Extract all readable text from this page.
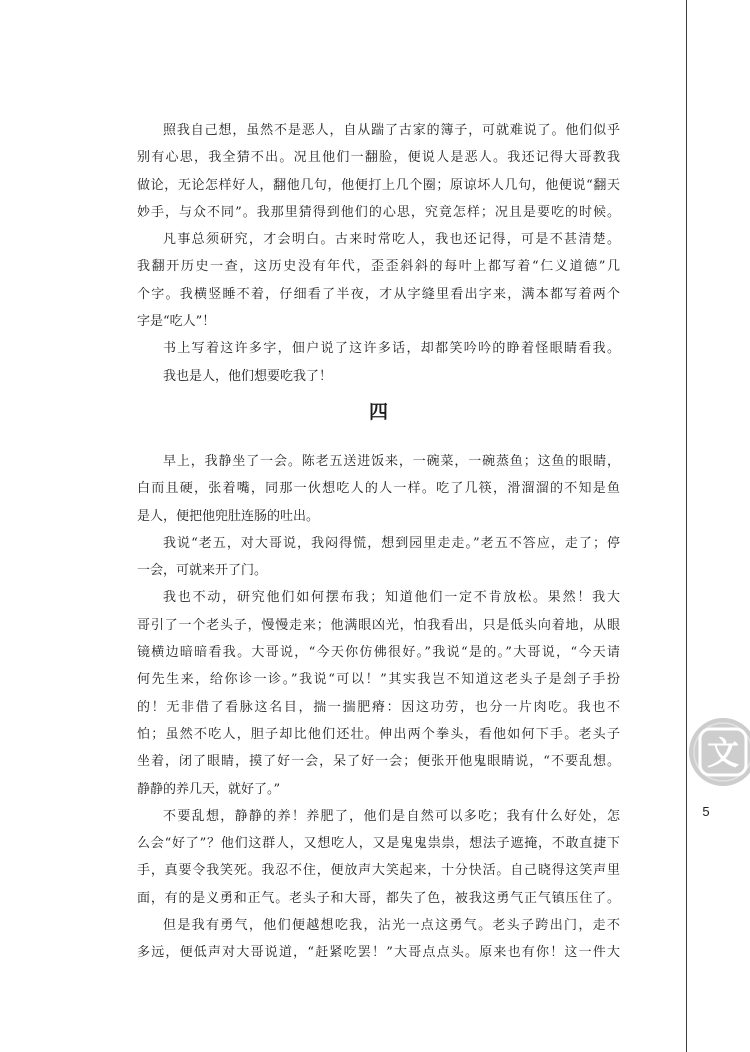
照我自己想，虽然不是恶人，自从踹了古家的簿子，可就难说了。他们似乎
别有心思，我全猜不出。况且他们一翻脸，便说人是恶人。我还记得大哥教我
做论，无论怎样好人，翻他几句，他便打上几个圈；原谅坏人几句，他便说“翻天
妙手，与众不同”。我那里猜得到他们的心思，究竟怎样；况且是要吃的时候。
凡事总须研究，才会明白。古来时常吃人，我也还记得，可是不甚清楚。
我翻开历史一查，这历史没有年代，歪歪斜斜的每叶上都写着“仁义道德”几
个字。我横竖睡不着，仔细看了半夜，才从字缝里看出字来，满本都写着两个
字是“吃人”！
书上写着这许多字，佃户说了这许多话，却都笑吟吟的睁着怪眼睛看我。
我也是人，他们想要吃我了！
四
早上，我静坐了一会。陈老五送进饭来，一碗菜，一碗蒸鱼；这鱼的眼睛，
白而且硬，张着嘴，同那一伙想吃人的人一样。吃了几筷，滑溜溜的不知是鱼
是人，便把他兜肚连肠的吐出。
我说“老五，对大哥说，我闷得慌，想到园里走走。”老五不答应，走了；停
一会，可就来开了门。
我也不动，研究他们如何摆布我；知道他们一定不肯放松。果然！我大
哥引了一个老头子，慢慢走来；他满眼凶光，怕我看出，只是低头向着地，从眼
镜横边暗暗看我。大哥说，“今天你仿佛很好。”我说“是的。”大哥说，“今天请
何先生来，给你诊一诊。”我说“可以！”其实我岂不知道这老头子是刽子手扮
的！无非借了看脉这名目，揣一揣肥瘠：因这功劳，也分一片肉吃。我也不
怕；虽然不吃人，胆子却比他们还壮。伸出两个拳头，看他如何下手。老头子
坐着，闭了眼睛，摸了好一会，呆了好一会；便张开他鬼眼睛说，“不要乱想。
静静的养几天，就好了。”
不要乱想，静静的养！养肥了，他们是自然可以多吃；我有什么好处，怎
么会“好了”？他们这群人，又想吃人，又是鬼鬼祟祟，想法子遮掩，不敢直捷下
手，真要令我笑死。我忍不住，便放声大笑起来，十分快活。自己晓得这笑声里
面，有的是义勇和正气。老头子和大哥，都失了色，被我这勇气正气镇压住了。
但是我有勇气，他们便越想吃我，沾光一点这勇气。老头子跨出门，走不
多远，便低声对大哥说道，“赶紧吃罢！”大哥点点头。原来也有你！这一件大
文
5
